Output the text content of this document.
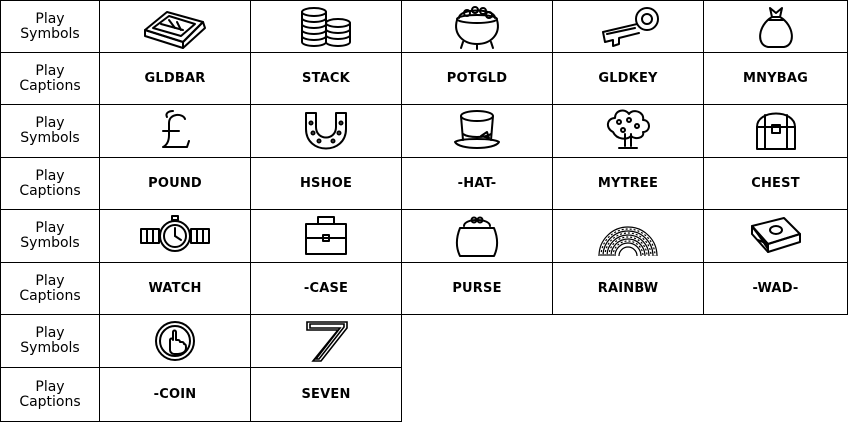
Play
Symbols
Play
Captions	GLDBAR	STACK	POTGLD	GLDKEY	MNYBAG
Play
Symbols
Play
Captions	POUND	HSHOE	-HAT-	MYTREE	CHEST
Play
Symbols
Play
Captions	WATCH	-CASE	PURSE	RAINBW	-WAD-
Play
Symbols
Play
Captions	-COIN	SEVEN
